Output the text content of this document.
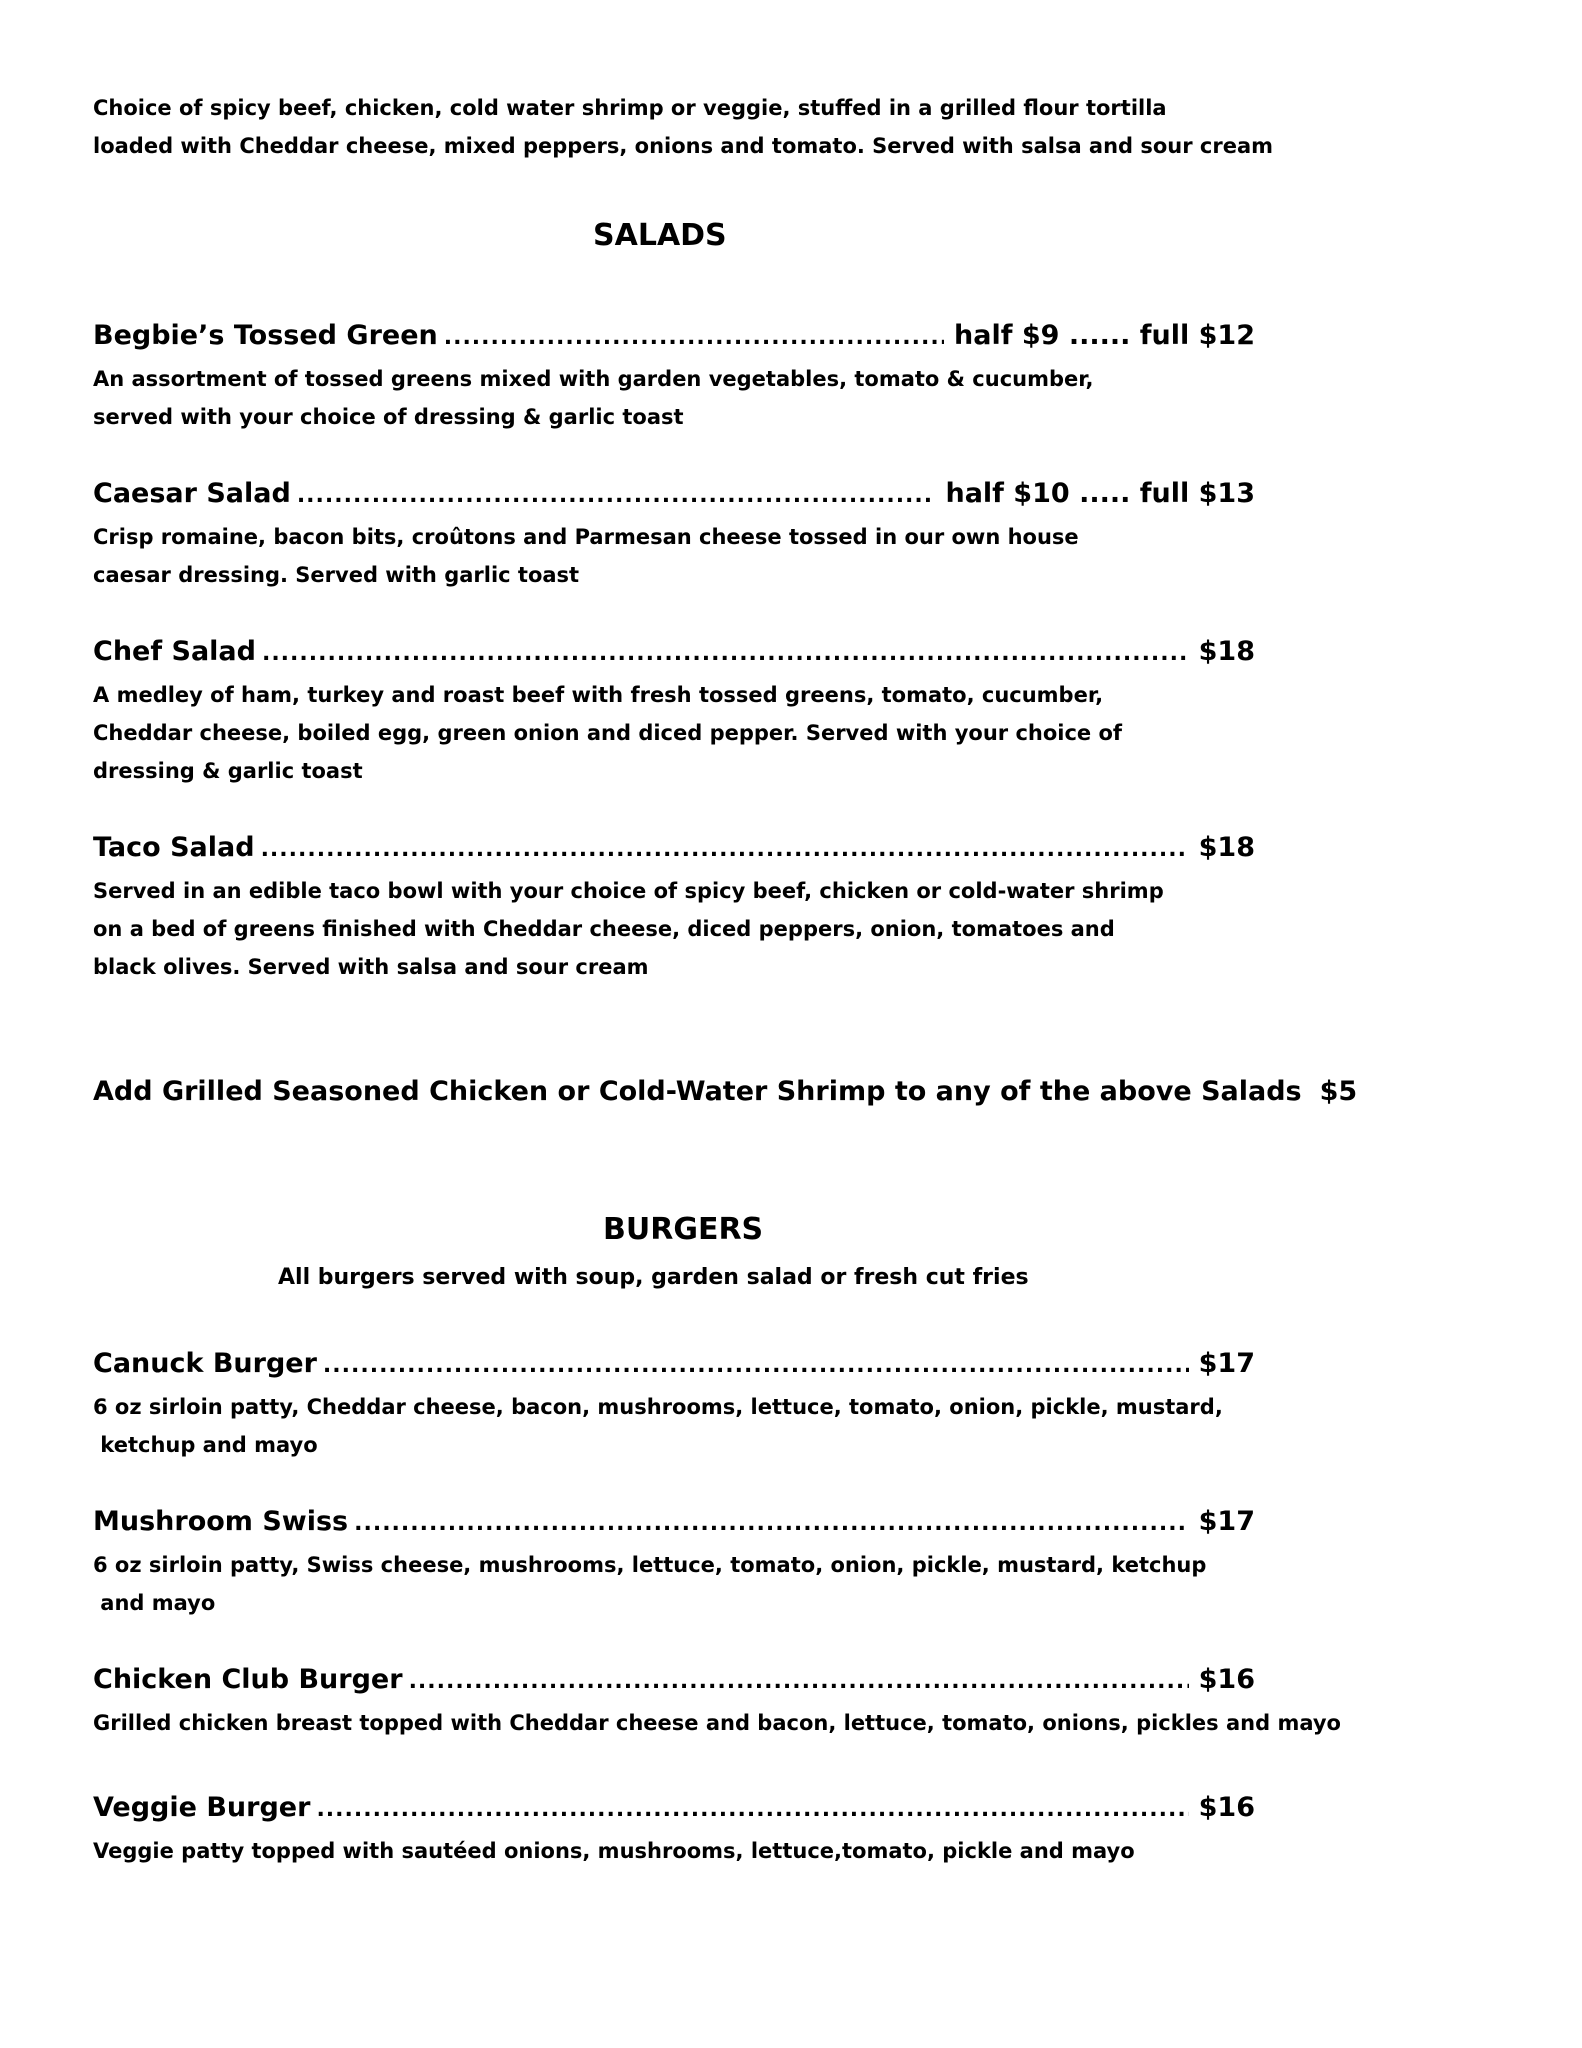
Choice of spicy beef, chicken, cold water shrimp or veggie, stuffed in a grilled flour tortilla
loaded with Cheddar cheese, mixed peppers, onions and tomato. Served with salsa and sour cream
SALADS
Begbie’s Tossed Green .....	half $9 ...... full $12
An assortment of tossed greens mixed with garden vegetables, tomato & cucumber,
served with your choice of dressing & garlic toast
Caesar Salad .....	half $10 ..... full $13
Crisp romaine, bacon bits, croûtons and Parmesan cheese tossed in our own house
caesar dressing. Served with garlic toast
Chef Salad .....	$18
A medley of ham, turkey and roast beef with fresh tossed greens, tomato, cucumber,
Cheddar cheese, boiled egg, green onion and diced pepper. Served with your choice of
dressing & garlic toast
Taco Salad .....	$18
Served in an edible taco bowl with your choice of spicy beef, chicken or cold-water shrimp
on a bed of greens finished with Cheddar cheese, diced peppers, onion, tomatoes and
black olives. Served with salsa and sour cream
Add Grilled Seasoned Chicken or Cold-Water Shrimp to any of the above Salads $5
BURGERS
All burgers served with soup, garden salad or fresh cut fries
Canuck Burger .....	$17
6 oz sirloin patty, Cheddar cheese, bacon, mushrooms, lettuce, tomato, onion, pickle, mustard,
ketchup and mayo
Mushroom Swiss .....	$17
6 oz sirloin patty, Swiss cheese, mushrooms, lettuce, tomato, onion, pickle, mustard, ketchup
and mayo
Chicken Club Burger .....	$16
Grilled chicken breast topped with Cheddar cheese and bacon, lettuce, tomato, onions, pickles and mayo
Veggie Burger .....	$16
Veggie patty topped with sautéed onions, mushrooms, lettuce,tomato, pickle and mayo
